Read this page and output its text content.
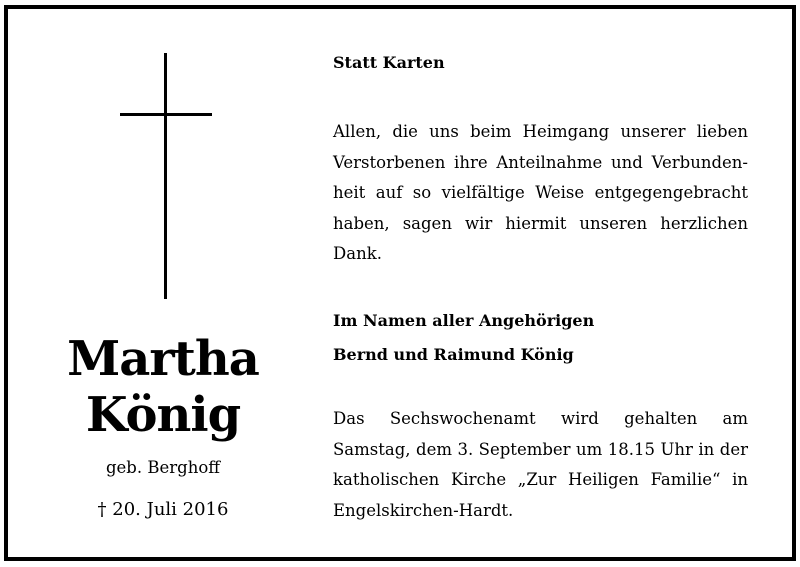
Martha
König
geb. Berghoff
† 20. Juli 2016
Statt Karten
Allen, die uns beim Heimgang unserer lieben Verstorbenen ihre Anteilnahme und Verbundenheit auf so vielfältige Weise entgegengebracht haben, sagen wir hiermit unseren herzlichen Dank.
Im Namen aller Angehörigen
Bernd und Raimund König
Das Sechswochenamt wird gehalten am Samstag, dem 3. September um 18.15 Uhr in der katholischen Kirche „Zur Heiligen Familie“ in Engelskirchen-Hardt.
